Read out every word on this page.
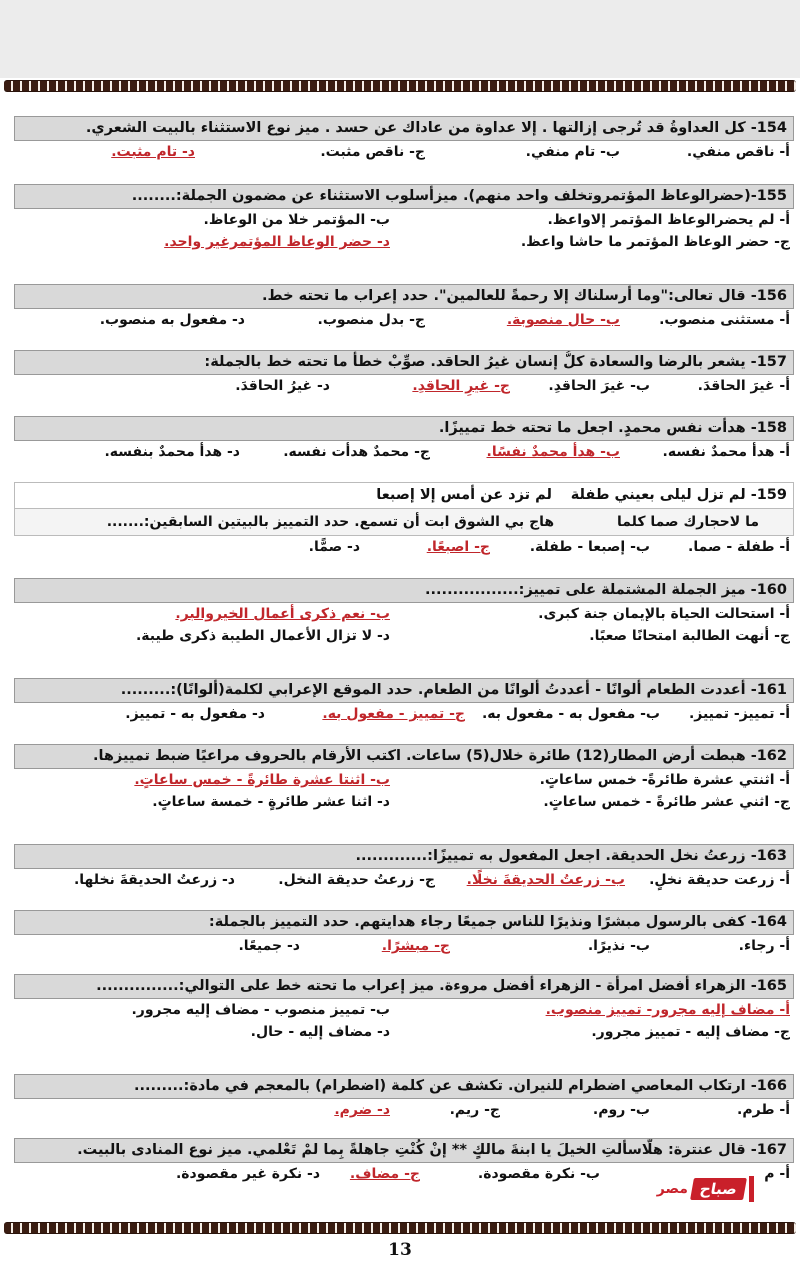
154- كل العداوةُ قد تُرجى إزالتها . إلا عداوة من عاداك عن حسد . ميز نوع الاستثناء بالبيت الشعري.
أ- ناقص منفي.
ب- تام منفي.
ج- ناقص مثبت.
د- تام مثبت.
155-(حضرالوعاظ المؤتمروتخلف واحد منهم). ميزأسلوب الاستثناء عن مضمون الجملة:........
أ- لم يحضرالوعاظ المؤتمر إلاواعظ.
ب- المؤتمر خلا من الوعاظ.
ج- حضر الوعاظ المؤتمر ما حاشا واعظ.
د- حضر الوعاظ المؤتمرغير واحد.
156- قال تعالى:"وما أرسلناك إلا رحمةً للعالمين". حدد إعراب ما تحته خط.
أ- مستثنى منصوب.
ب- حال منصوبة.
ج- بدل منصوب.
د- مفعول به منصوب.
157- يشعر بالرضا والسعادة كلُّ إنسان غيرُ الحاقد. صوِّبْ خطأً ما تحته خط بالجملة:
أ- غيرَ الحاقدَ.
ب- غيرَ الحاقدِ.
ج- غيرِ الحاقدِ.
د- غيرُ الحاقدَ.
158- هدأت نفس محمدٍ. اجعل ما تحته خط تمييزًا.
أ- هدأ محمدٌ نفسه.
ب- هدأ محمدٌ نفسًا.
ج- محمدٌ هدأت نفسه.
د- هدأ محمدٌ بنفسه.
159- لم تزل ليلى بعيني طفلة لم تزد عن أمس إلا إصبعا
ما لاحجارك صما كلما هاج بي الشوق ابت أن تسمع. حدد التمييز بالبيتين السابقين:.......
أ- طفلة - صما.
ب- إصبعا - طفلة.
ج- اصبعًا.
د- صمًّا.
160- ميز الجملة المشتملة على تمييز:.................
أ- استحالت الحياة بالإيمان جنة كبرى.
ب- نعم ذكرى أعمال الخيروالبر.
ج- أنهت الطالبة امتحانًا صعبًا.
د- لا تزال الأعمال الطيبة ذكرى طيبة.
161- أعددت الطعام ألوانًا - أعددتُ ألوانًا من الطعام. حدد الموقع الإعرابي لكلمة(ألوانًا):.........
أ- تمييز- تمييز.
ب- مفعول به - مفعول به.
ج- تمييز - مفعول به.
د- مفعول به - تمييز.
162- هبطت أرض المطار(12) طائرة خلال(5) ساعات. اكتب الأرقام بالحروف مراعيًا ضبط تمييزها.
أ- اثنتي عشرة طائرةً- خمس ساعاتٍ.
ب- اثنتا عشرة طائرةً - خمس ساعاتٍ.
ج- اثني عشر طائرةً - خمس ساعاتٍ.
د- اثنا عشر طائرةٍ - خمسة ساعاتٍ.
163- زرعتُ نخل الحديقة. اجعل المفعول به تمييزًا:.............
أ- زرعت حديقة نخلٍ.
ب- زرعتُ الحديقةَ نخلًا.
ج- زرعتُ حديقة النخل.
د- زرعتُ الحديقةَ نخلها.
164- كفى بالرسول مبشرًا ونذيرًا للناس جميعًا رجاء هدايتهم. حدد التمييز بالجملة:
أ- رجاء.
ب- نذيرًا.
ج- مبشرًا.
د- جميعًا.
165- الزهراء أفضل امرأة - الزهراء أفضل مروءة. ميز إعراب ما تحته خط على التوالي:...............
أ- مضاف إليه مجرور- تمييز منصوب.
ب- تمييز منصوب - مضاف إليه مجرور.
ج- مضاف إليه - تمييز مجرور.
د- مضاف إليه - حال.
166- ارتكاب المعاصي اضطرام للنيران. تكشف عن كلمة (اضطرام) بالمعجم في مادة:.........
أ- طرم.
ب- روم.
ج- ريم.
د- ضرم.
167- قال عنترة: هلَّاسألتِ الخيلَ يا ابنةَ مالكٍ ** إنْ كُنْتِ جاهلةً بِما لمْ تَعْلمي. ميز نوع المنادى بالبيت.
أ- م
ب- نكرة مقصودة.
ج- مضاف.
د- نكرة غير مقصودة.
صباح
مصر
13
